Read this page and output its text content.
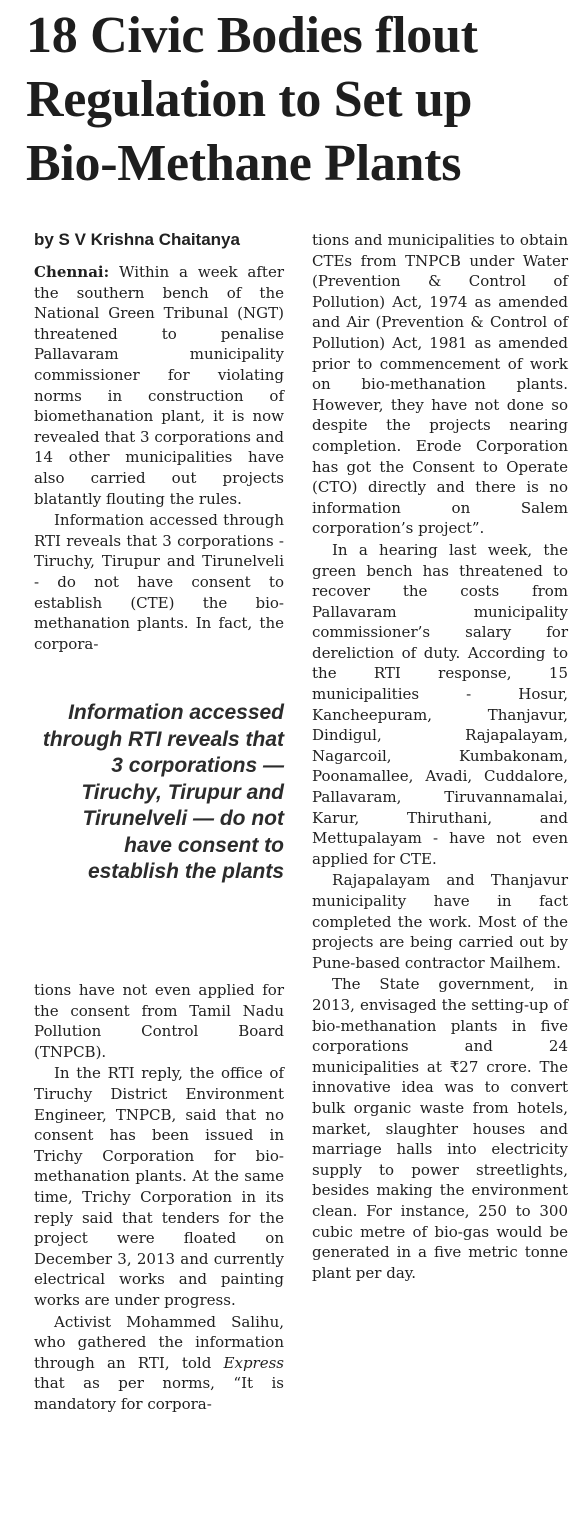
18 Civic Bodies flout
Regulation to Set up
Bio-Methane Plants
by S V Krishna Chaitanya

Chennai: Within a week after the southern bench of the National Green Tribunal (NGT) threatened to penalise Pallavaram municipality commissioner for violating norms in construction of biomethanation plant, it is now revealed that 3 corporations and 14 other municipalities have also carried out projects blatantly flouting the rules.

Information accessed through RTI reveals that 3 corporations - Tiruchy, Tirupur and Tirunelveli - do not have consent to establish (CTE) the bio-methanation plants. In fact, the corpora-

Information accessed through RTI reveals that 3 corporations — Tiruchy, Tirupur and Tirunelveli — do not have consent to establish the plants

tions have not even applied for the consent from Tamil Nadu Pollution Control Board (TNPCB).

In the RTI reply, the office of Tiruchy District Environment Engineer, TNPCB, said that no consent has been issued in Trichy Corporation for bio-methanation plants. At the same time, Trichy Corporation in its reply said that tenders for the project were floated on December 3, 2013 and currently electrical works and painting works are under progress.

Activist Mohammed Salihu, who gathered the information through an RTI, told Express that as per norms, “It is mandatory for corpora-

tions and municipalities to obtain CTEs from TNPCB under Water (Prevention & Control of Pollution) Act, 1974 as amended and Air (Prevention & Control of Pollution) Act, 1981 as amended prior to commencement of work on bio-methanation plants. However, they have not done so despite the projects nearing completion. Erode Corporation has got the Consent to Operate (CTO) directly and there is no information on Salem corporation’s project”.

In a hearing last week, the green bench has threatened to recover the costs from Pallavaram municipality commissioner’s salary for dereliction of duty. According to the RTI response, 15 municipalities - Hosur, Kancheepuram, Thanjavur, Dindigul, Rajapalayam, Nagarcoil, Kumbakonam, Poonamallee, Avadi, Cuddalore, Pallavaram, Tiruvannamalai, Karur, Thiruthani, and Mettupalayam - have not even applied for CTE.

Rajapalayam and Thanjavur municipality have in fact completed the work. Most of the projects are being carried out by Pune-based contractor Mailhem.

The State government, in 2013, envisaged the setting-up of bio-methanation plants in five corporations and 24 municipalities at ₹27 crore. The innovative idea was to convert bulk organic waste from hotels, market, slaughter houses and marriage halls into electricity supply to power streetlights, besides making the environment clean. For instance, 250 to 300 cubic metre of bio-gas would be generated in a five metric tonne plant per day.
